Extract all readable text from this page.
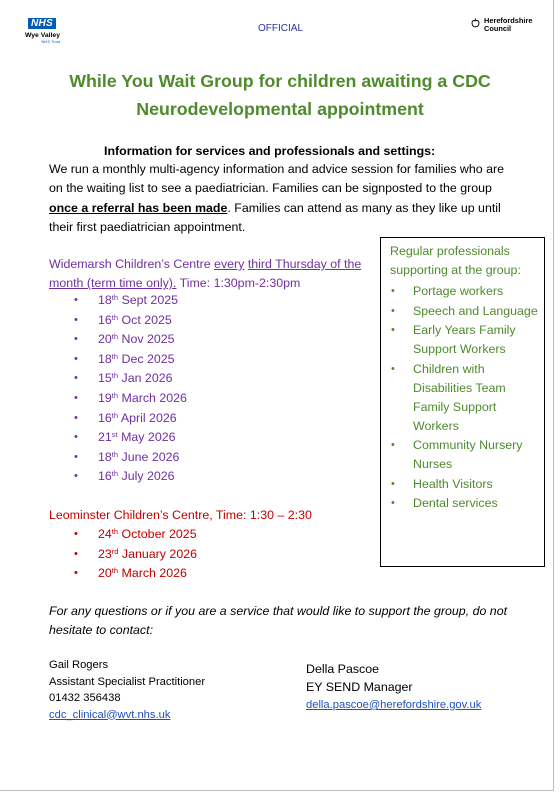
NHS
Wye Valley
NHS Trust
OFFICIAL
Herefordshire
Council
While You Wait Group for children awaiting a CDC
Neurodevelopmental appointment
Information for services and professionals and settings:

We run a monthly multi-agency information and advice session for families who are on the waiting list to see a paediatrician. Families can be signposted to the group once a referral has been made. Families can attend as many as they like up until their first paediatrician appointment.

Widemarsh Children’s Centre every third Thursday of the month (term time only). Time: 1:30pm-2:30pm
• 18th Sept 2025
• 16th Oct 2025
• 20th Nov 2025
• 18th Dec 2025
• 15th Jan 2026
• 19th March 2026
• 16th April 2026
• 21st May 2026
• 18th June 2026
• 16th July 2026
Leominster Children’s Centre, Time: 1:30 – 2:30
• 24th October 2025
• 23rd January 2026
• 20th March 2026
Regular professionals supporting at the group:
• Portage workers
• Speech and Language
• Early Years Family Support Workers
• Children with Disabilities Team Family Support Workers
• Community Nursery Nurses
• Health Visitors
• Dental services
For any questions or if you are a service that would like to support the group, do not hesitate to contact:
Gail Rogers
Assistant Specialist Practitioner
01432 356438
cdc_clinical@wvt.nhs.uk
Della Pascoe
EY SEND Manager
della.pascoe@herefordshire.gov.uk
